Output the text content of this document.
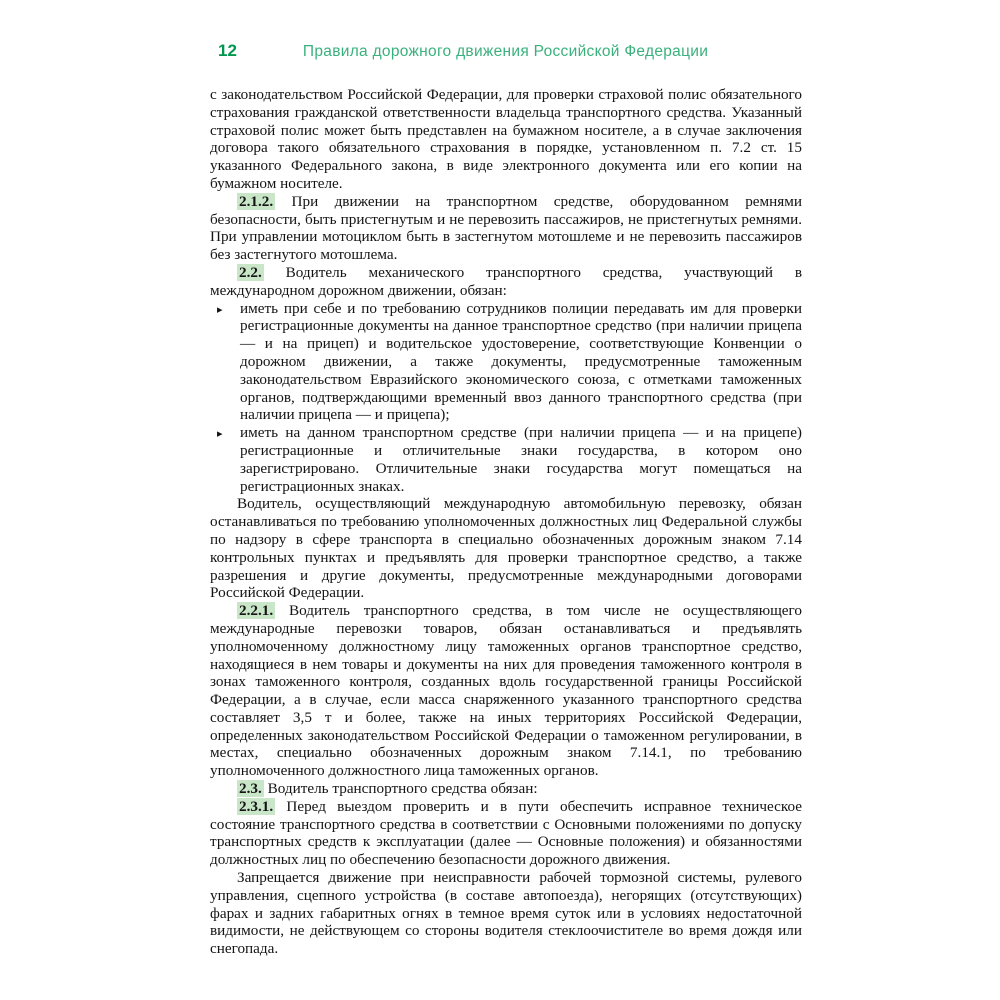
12	Правила дорожного движения Российской Федерации

с законодательством Российской Федерации, для проверки страховой полис обязательного страхования гражданской ответственности владельца транспортного средства. Указанный страховой полис может быть представлен на бумажном носителе, а в случае заключения договора такого обязательного страхования в порядке, установленном п. 7.2 ст. 15 указанного Федерального закона, в виде электронного документа или его копии на бумажном носителе.

2.1.2. При движении на транспортном средстве, оборудованном ремнями безопасности, быть пристегнутым и не перевозить пассажиров, не пристегнутых ремнями. При управлении мотоциклом быть в застегнутом мотошлеме и не перевозить пассажиров без застегнутого мотошлема.

2.2. Водитель механического транспортного средства, участвующий в международном дорожном движении, обязан:

▸ иметь при себе и по требованию сотрудников полиции передавать им для проверки регистрационные документы на данное транспортное средство (при наличии прицепа — и на прицеп) и водительское удостоверение, соответствующие Конвенции о дорожном движении, а также документы, предусмотренные таможенным законодательством Евразийского экономического союза, с отметками таможенных органов, подтверждающими временный ввоз данного транспортного средства (при наличии прицепа — и прицепа);

▸ иметь на данном транспортном средстве (при наличии прицепа — и на прицепе) регистрационные и отличительные знаки государства, в котором оно зарегистрировано. Отличительные знаки государства могут помещаться на регистрационных знаках.

Водитель, осуществляющий международную автомобильную перевозку, обязан останавливаться по требованию уполномоченных должностных лиц Федеральной службы по надзору в сфере транспорта в специально обозначенных дорожным знаком 7.14 контрольных пунктах и предъявлять для проверки транспортное средство, а также разрешения и другие документы, предусмотренные международными договорами Российской Федерации.

2.2.1. Водитель транспортного средства, в том числе не осуществляющего международные перевозки товаров, обязан останавливаться и предъявлять уполномоченному должностному лицу таможенных органов транспортное средство, находящиеся в нем товары и документы на них для проведения таможенного контроля в зонах таможенного контроля, созданных вдоль государственной границы Российской Федерации, а в случае, если масса снаряженного указанного транспортного средства составляет 3,5 т и более, также на иных территориях Российской Федерации, определенных законодательством Российской Федерации о таможенном регулировании, в местах, специально обозначенных дорожным знаком 7.14.1, по требованию уполномоченного должностного лица таможенных органов.

2.3. Водитель транспортного средства обязан:

2.3.1. Перед выездом проверить и в пути обеспечить исправное техническое состояние транспортного средства в соответствии с Основными положениями по допуску транспортных средств к эксплуатации (далее — Основные положения) и обязанностями должностных лиц по обеспечению безопасности дорожного движения.

Запрещается движение при неисправности рабочей тормозной системы, рулевого управления, сцепного устройства (в составе автопоезда), негорящих (отсутствующих) фарах и задних габаритных огнях в темное время суток или в условиях недостаточной видимости, не действующем со стороны водителя стеклоочистителе во время дождя или снегопада.
